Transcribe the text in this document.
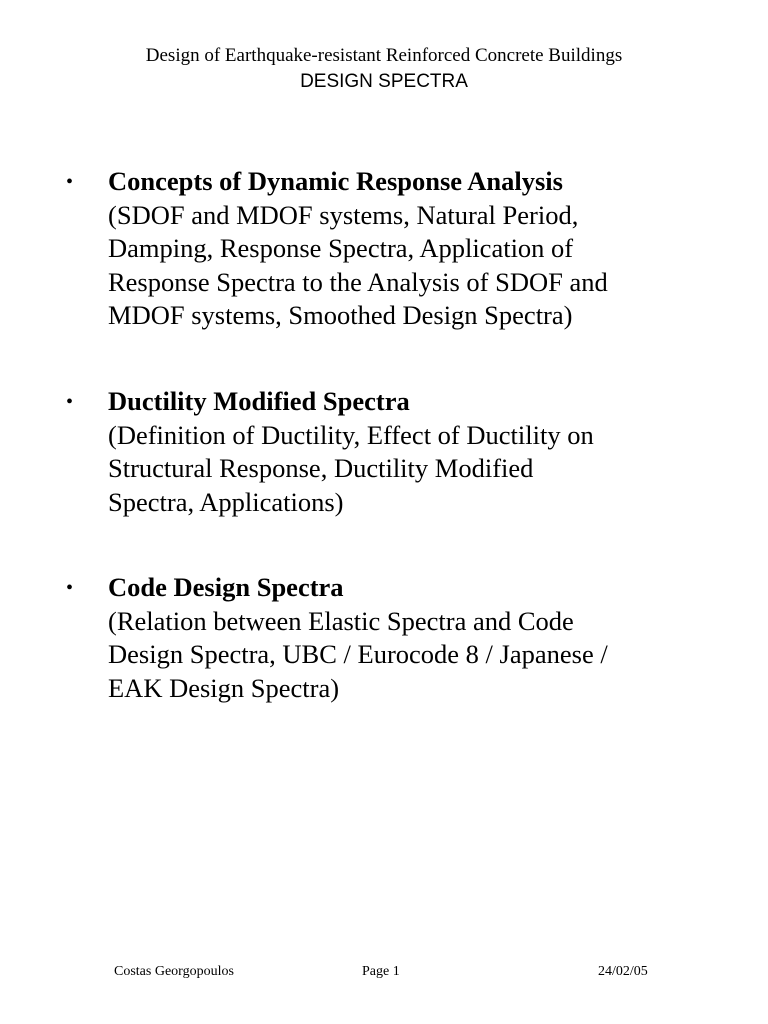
Design of Earthquake-resistant Reinforced Concrete Buildings
DESIGN SPECTRA
• Concepts of Dynamic Response Analysis
(SDOF and MDOF systems, Natural Period,
Damping, Response Spectra, Application of
Response Spectra to the Analysis of SDOF and
MDOF systems, Smoothed Design Spectra)
• Ductility Modified Spectra
(Definition of Ductility, Effect of Ductility on
Structural Response, Ductility Modified
Spectra, Applications)
• Code Design Spectra
(Relation between Elastic Spectra and Code
Design Spectra, UBC / Eurocode 8 / Japanese /
EAK Design Spectra)
Costas Georgopoulos	Page 1	24/02/05
